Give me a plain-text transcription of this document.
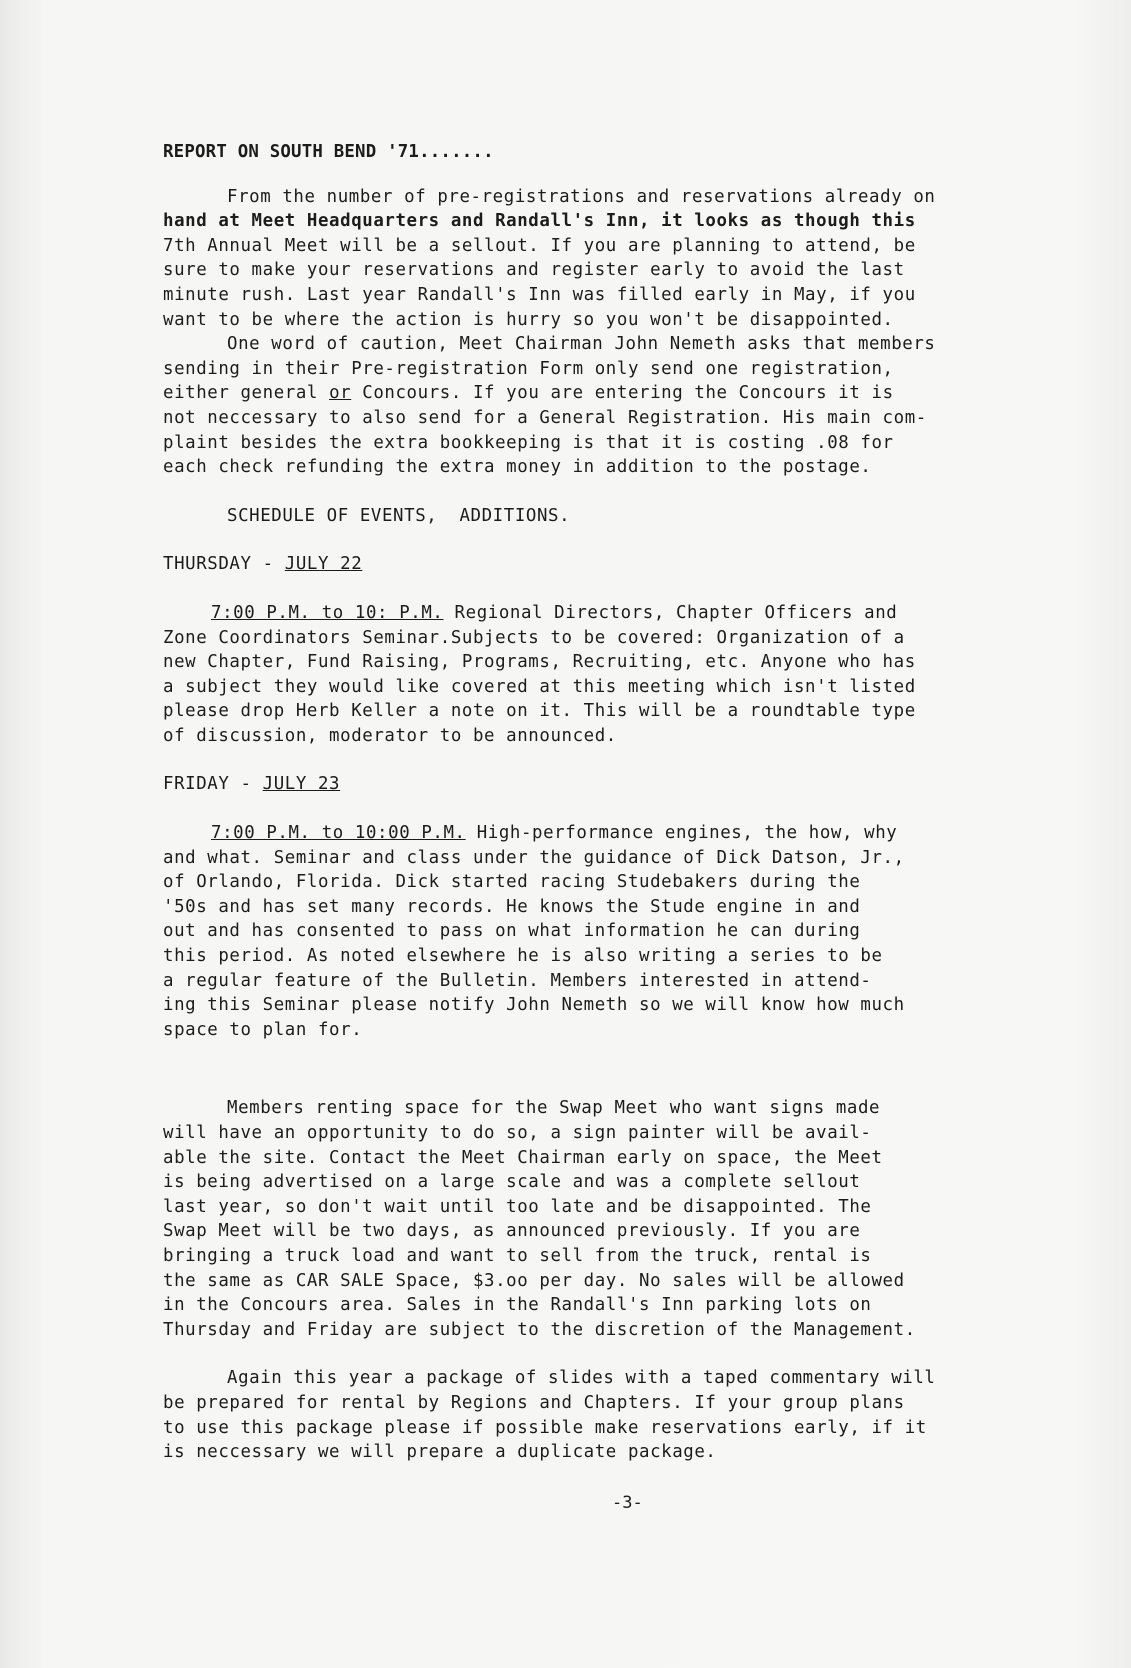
REPORT ON SOUTH BEND '71.......

From the number of pre-registrations and reservations already on
hand at Meet Headquarters and Randall's Inn, it looks as though this
7th Annual Meet will be a sellout. If you are planning to attend, be
sure to make your reservations and register early to avoid the last
minute rush. Last year Randall's Inn was filled early in May, if you
want to be where the action is hurry so you won't be disappointed.
One word of caution, Meet Chairman John Nemeth asks that members
sending in their Pre-registration Form only send one registration,
either general or Concours. If you are entering the Concours it is
not neccessary to also send for a General Registration. His main com-
plaint besides the extra bookkeeping is that it is costing .08 for
each check refunding the extra money in addition to the postage.
SCHEDULE OF EVENTS,  ADDITIONS.
THURSDAY - JULY 22
7:00 P.M. to 10: P.M. Regional Directors, Chapter Officers and
Zone Coordinators Seminar.Subjects to be covered: Organization of a
new Chapter, Fund Raising, Programs, Recruiting, etc. Anyone who has
a subject they would like covered at this meeting which isn't listed
please drop Herb Keller a note on it. This will be a roundtable type
of discussion, moderator to be announced.
FRIDAY - JULY 23
7:00 P.M. to 10:00 P.M. High-performance engines, the how, why
and what. Seminar and class under the guidance of Dick Datson, Jr.,
of Orlando, Florida. Dick started racing Studebakers during the
'50s and has set many records. He knows the Stude engine in and
out and has consented to pass on what information he can during
this period. As noted elsewhere he is also writing a series to be
a regular feature of the Bulletin. Members interested in attend-
ing this Seminar please notify John Nemeth so we will know how much
space to plan for.
Members renting space for the Swap Meet who want signs made
will have an opportunity to do so, a sign painter will be avail-
able the site. Contact the Meet Chairman early on space, the Meet
is being advertised on a large scale and was a complete sellout
last year, so don't wait until too late and be disappointed. The
Swap Meet will be two days, as announced previously. If you are
bringing a truck load and want to sell from the truck, rental is
the same as CAR SALE Space, $3.oo per day. No sales will be allowed
in the Concours area. Sales in the Randall's Inn parking lots on
Thursday and Friday are subject to the discretion of the Management.
Again this year a package of slides with a taped commentary will
be prepared for rental by Regions and Chapters. If your group plans
to use this package please if possible make reservations early, if it
is neccessary we will prepare a duplicate package.
-3-
